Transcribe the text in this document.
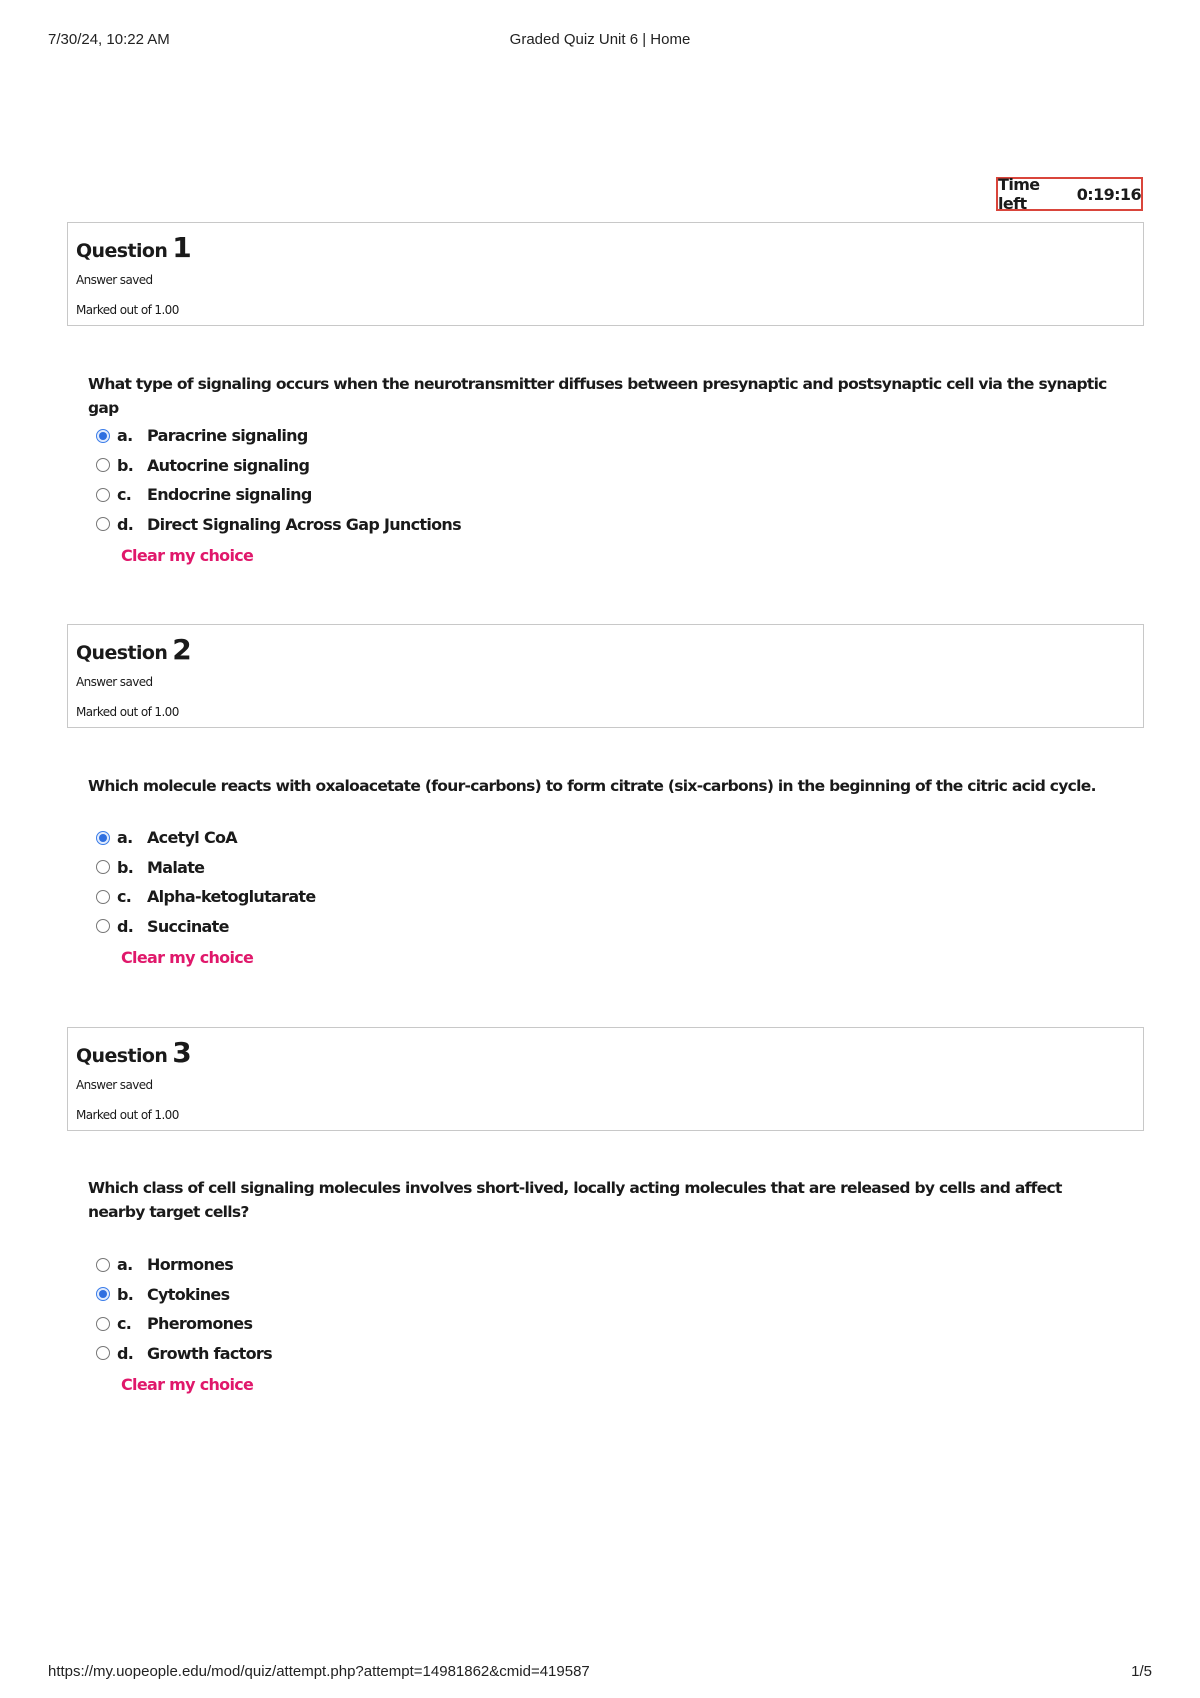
7/30/24, 10:22 AM	Graded Quiz Unit 6 | Home
Time left	0:19:16
Question 1
Answer saved
Marked out of 1.00
What type of signaling occurs when the neurotransmitter diffuses between presynaptic and postsynaptic cell via the synaptic gap
a. Paracrine signaling
b. Autocrine signaling
c. Endocrine signaling
d. Direct Signaling Across Gap Junctions
Clear my choice
Question 2
Answer saved
Marked out of 1.00
Which molecule reacts with oxaloacetate (four-carbons) to form citrate (six-carbons) in the beginning of the citric acid cycle.
a. Acetyl CoA
b. Malate
c. Alpha-ketoglutarate
d. Succinate
Clear my choice
Question 3
Answer saved
Marked out of 1.00
Which class of cell signaling molecules involves short-lived, locally acting molecules that are released by cells and affect nearby target cells?
a. Hormones
b. Cytokines
c. Pheromones
d. Growth factors
Clear my choice
https://my.uopeople.edu/mod/quiz/attempt.php?attempt=14981862&cmid=419587	1/5
